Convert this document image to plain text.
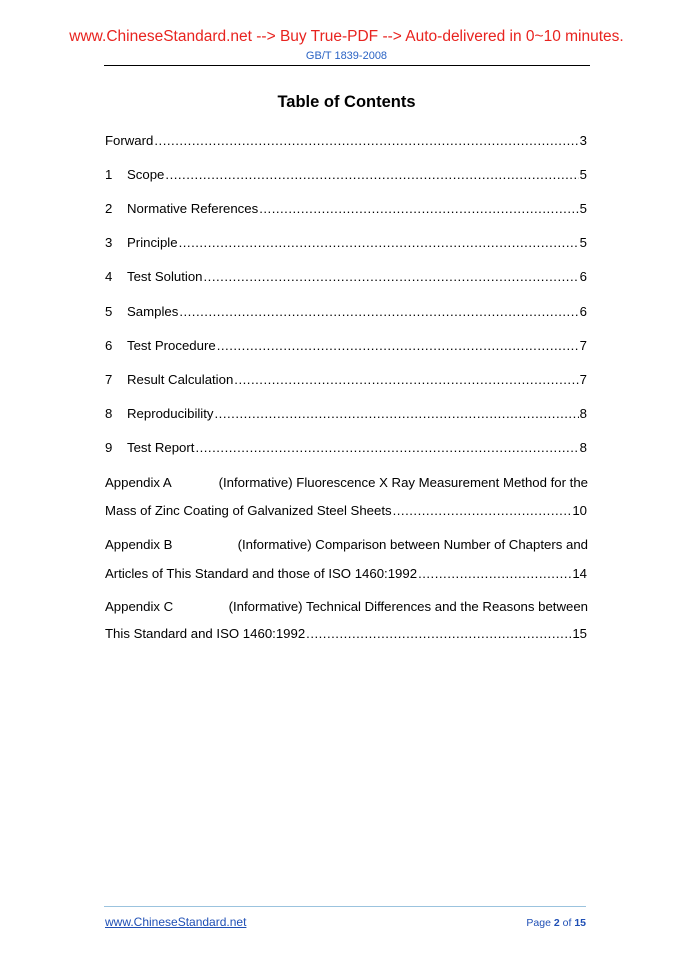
www.ChineseStandard.net --> Buy True-PDF --> Auto-delivered in 0~10 minutes.
GB/T 1839-2008
Table of Contents
Forward .....	3
1	Scope .....	5
2	Normative References .....	5
3	Principle .....	5
4	Test Solution .....	6
5	Samples .....	6
6	Test Procedure .....	7
7	Result Calculation .....	7
8	Reproducibility .....	8
9	Test Report .....	8
Appendix A	(Informative) Fluorescence X Ray Measurement Method for the
Mass of Zinc Coating of Galvanized Steel Sheets .....	10
Appendix B	(Informative) Comparison between Number of Chapters and
Articles of This Standard and those of ISO 1460:1992 .....	14
Appendix C	(Informative) Technical Differences and the Reasons between
This Standard and ISO 1460:1992 .....	15
www.ChineseStandard.net	Page 2 of 15
